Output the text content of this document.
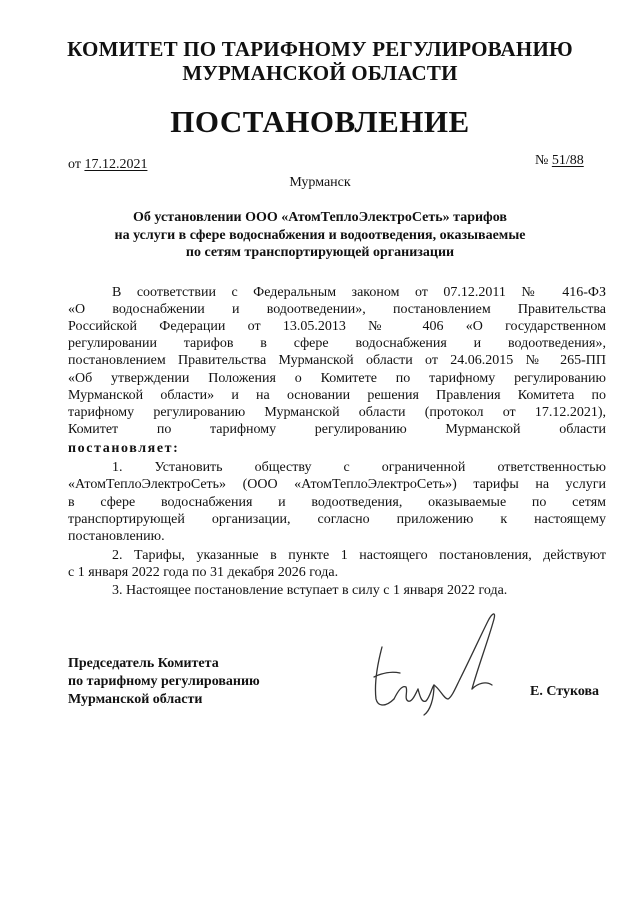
КОМИТЕТ ПО ТАРИФНОМУ РЕГУЛИРОВАНИЮ
МУРМАНСКОЙ ОБЛАСТИ
ПОСТАНОВЛЕНИЕ
от 17.12.2021	№ 51/88
Мурманск
Об установлении ООО «АтомТеплоЭлектроСеть» тарифов
на услуги в сфере водоснабжения и водоотведения, оказываемые
по сетям транспортирующей организации
В соответствии с Федеральным законом от 07.12.2011 № 416-ФЗ
«О водоснабжении и водоотведении», постановлением Правительства
Российской Федерации от 13.05.2013 № 406 «О государственном
регулировании тарифов в сфере водоснабжения и водоотведения»,
постановлением Правительства Мурманской области от 24.06.2015 № 265-ПП
«Об утверждении Положения о Комитете по тарифному регулированию
Мурманской области» и на основании решения Правления Комитета по
тарифному регулированию Мурманской области (протокол от 17.12.2021),
Комитет по тарифному регулированию Мурманской области
постановляет:
1. Установить обществу с ограниченной ответственностью
«АтомТеплоЭлектроСеть» (ООО «АтомТеплоЭлектроСеть») тарифы на услуги
в сфере водоснабжения и водоотведения, оказываемые по сетям
транспортирующей организации, согласно приложению к настоящему
постановлению.
2. Тарифы, указанные в пункте 1 настоящего постановления, действуют
с 1 января 2022 года по 31 декабря 2026 года.
3. Настоящее постановление вступает в силу с 1 января 2022 года.
Председатель Комитета
по тарифному регулированию
Мурманской области
Е. Стукова
